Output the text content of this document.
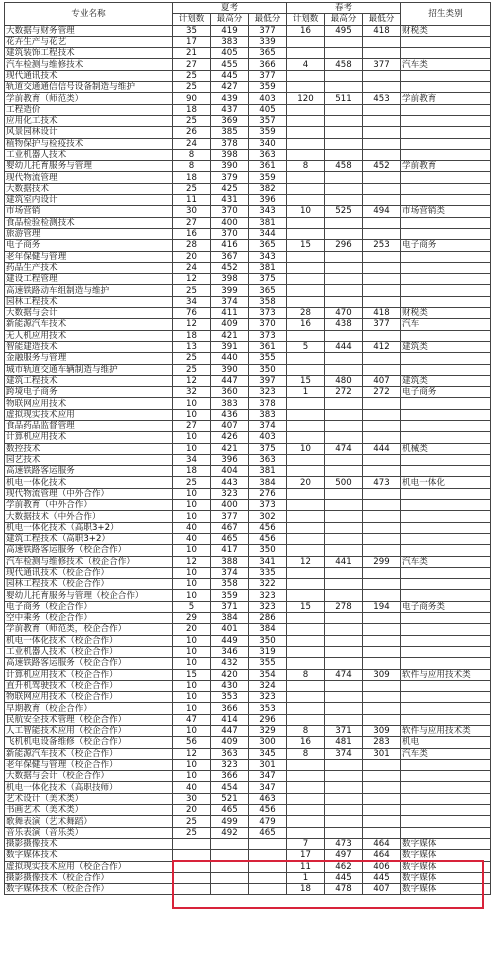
专业名称	夏考			春考			招生类别
	计划数	最高分	最低分	计划数	最高分	最低分	
大数据与财务管理	35	419	377	16	495	418	财税类
花卉生产与花艺	17	383	339				
建筑装饰工程技术	21	405	365				
汽车检测与维修技术	27	455	366	4	458	377	汽车类
现代通讯技术	25	445	377				
轨道交通通信信号设备制造与维护	25	427	359				
学前教育（师范类）	90	439	403	120	511	453	学前教育
工程造价	18	437	405				
应用化工技术	25	369	357				
风景园林设计	26	385	359				
植物保护与检疫技术	24	378	340				
工业机器人技术	8	398	363				
婴幼儿托育服务与管理	8	390	361	8	458	452	学前教育
现代物流管理	18	379	359				
大数据技术	25	425	382				
建筑室内设计	11	431	396				
市场营销	30	370	343	10	525	494	市场营销类
食品检验检测技术	27	400	381				
旅游管理	16	370	344				
电子商务	28	416	365	15	296	253	电子商务
老年保健与管理	20	367	343				
药品生产技术	24	452	381				
建设工程管理	12	398	375				
高速铁路动车组制造与维护	25	399	365				
园林工程技术	34	374	358				
大数据与会计	76	411	373	28	470	418	财税类
新能源汽车技术	12	409	370	16	438	377	汽车
无人机应用技术	18	421	373				
智能建造技术	13	391	361	5	444	412	建筑类
金融服务与管理	25	440	355				
城市轨道交通车辆制造与维护	25	390	350				
建筑工程技术	12	447	397	15	480	407	建筑类
跨境电子商务	32	360	323	1	272	272	电子商务
物联网应用技术	10	383	378				
虚拟现实技术应用	10	436	383				
食品药品监督管理	27	407	374				
计算机应用技术	10	426	403				
数控技术	10	421	375	10	474	444	机械类
园艺技术	34	396	363				
高速铁路客运服务	18	404	381				
机电一体化技术	25	443	384	20	500	473	机电一体化
现代物流管理（中外合作）	10	323	276				
学前教育（中外合作）	10	400	373				
大数据技术（中外合作）	10	377	302				
机电一体化技术（高职3+2）	40	467	456				
建筑工程技术（高职3+2）	40	465	456				
高速铁路客运服务（校企合作）	10	417	350				
汽车检测与维修技术（校企合作）	12	388	341	12	441	299	汽车类
现代通讯技术（校企合作）	10	374	335				
园林工程技术（校企合作）	10	358	322				
婴幼儿托育服务与管理（校企合作）	10	359	323				
电子商务（校企合作）	5	371	323	15	278	194	电子商务类
空中乘务（校企合作）	29	384	286				
学前教育（师范类，校企合作）	20	401	384				
机电一体化技术（校企合作）	10	449	350				
工业机器人技术（校企合作）	10	346	319				
高速铁路客运服务（校企合作）	10	432	355				
计算机应用技术（校企合作）	15	420	354	8	474	309	软件与应用技术类
直升机驾驶技术（校企合作）	10	430	324				
物联网应用技术（校企合作）	10	353	323				
早期教育（校企合作）	10	366	353				
民航安全技术管理（校企合作）	47	414	296				
人工智能技术应用（校企合作）	10	447	329	8	371	309	软件与应用技术类
飞机机电设备维修（校企合作）	56	409	300	16	481	283	机电
新能源汽车技术（校企合作）	12	363	345	8	374	301	汽车类
老年保健与管理（校企合作）	10	323	301				
大数据与会计（校企合作）	10	366	347				
机电一体化技术（高职技师）	40	454	347				
艺术设计（美术类）	30	521	463				
书画艺术（美术类）	20	465	456				
歌舞表演（艺术舞蹈）	25	499	479				
音乐表演（音乐类）	25	492	465				
摄影摄像技术				7	473	464	数字媒体
数字媒体技术				17	497	464	数字媒体
虚拟现实技术应用（校企合作）				11	462	406	数字媒体
摄影摄像技术（校企合作）				1	445	445	数字媒体
数字媒体技术（校企合作）				18	478	407	数字媒体
